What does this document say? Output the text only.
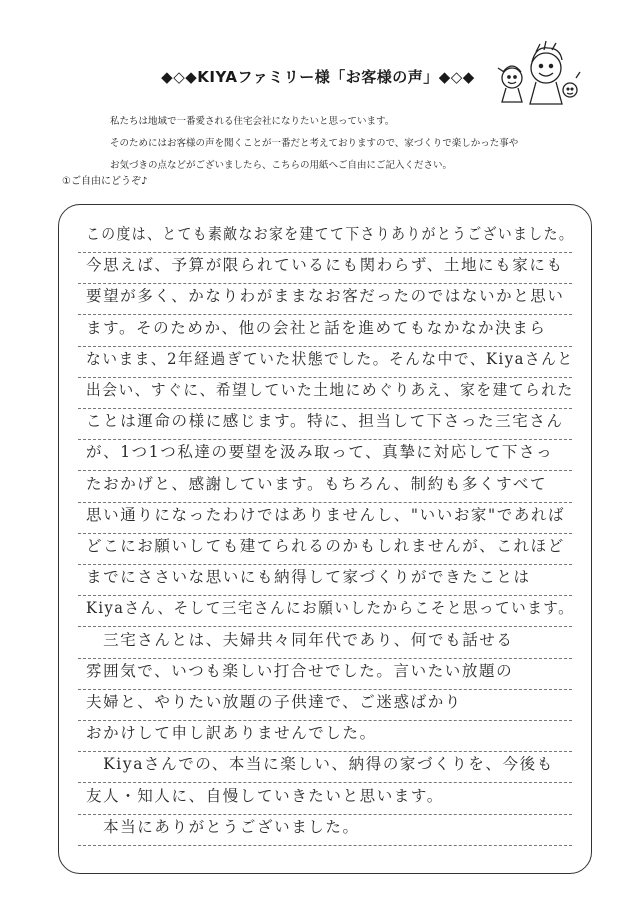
◆◇◆KIYAファミリー様「お客様の声」◆◇◆
私たちは地域で一番愛される住宅会社になりたいと思っています。
そのためにはお客様の声を聞くことが一番だと考えておりますので、家づくりで楽しかった事や
お気づきの点などがございましたら、こちらの用紙へご自由にご記入ください。
①ご自由にどうぞ♪
この度は、とても素敵なお家を建てて下さりありがとうございました。
今思えば、予算が限られているにも関わらず、土地にも家にも
要望が多く、かなりわがままなお客だったのではないかと思い
ます。そのためか、他の会社と話を進めてもなかなか決まら
ないまま、2年経過ぎていた状態でした。そんな中で、Kiyaさんと
出会い、すぐに、希望していた土地にめぐりあえ、家を建てられた
ことは運命の様に感じます。特に、担当して下さった三宅さん
が、1つ1つ私達の要望を汲み取って、真摯に対応して下さっ
たおかげと、感謝しています。もちろん、制約も多くすべて
思い通りになったわけではありませんし、"いいお家"であれば
どこにお願いしても建てられるのかもしれませんが、これほど
までにささいな思いにも納得して家づくりができたことは
Kiyaさん、そして三宅さんにお願いしたからこそと思っています。
　三宅さんとは、夫婦共々同年代であり、何でも話せる
雰囲気で、いつも楽しい打合せでした。言いたい放題の
夫婦と、やりたい放題の子供達で、ご迷惑ばかり
おかけして申し訳ありませんでした。
　Kiyaさんでの、本当に楽しい、納得の家づくりを、今後も
友人・知人に、自慢していきたいと思います。
　本当にありがとうございました。
